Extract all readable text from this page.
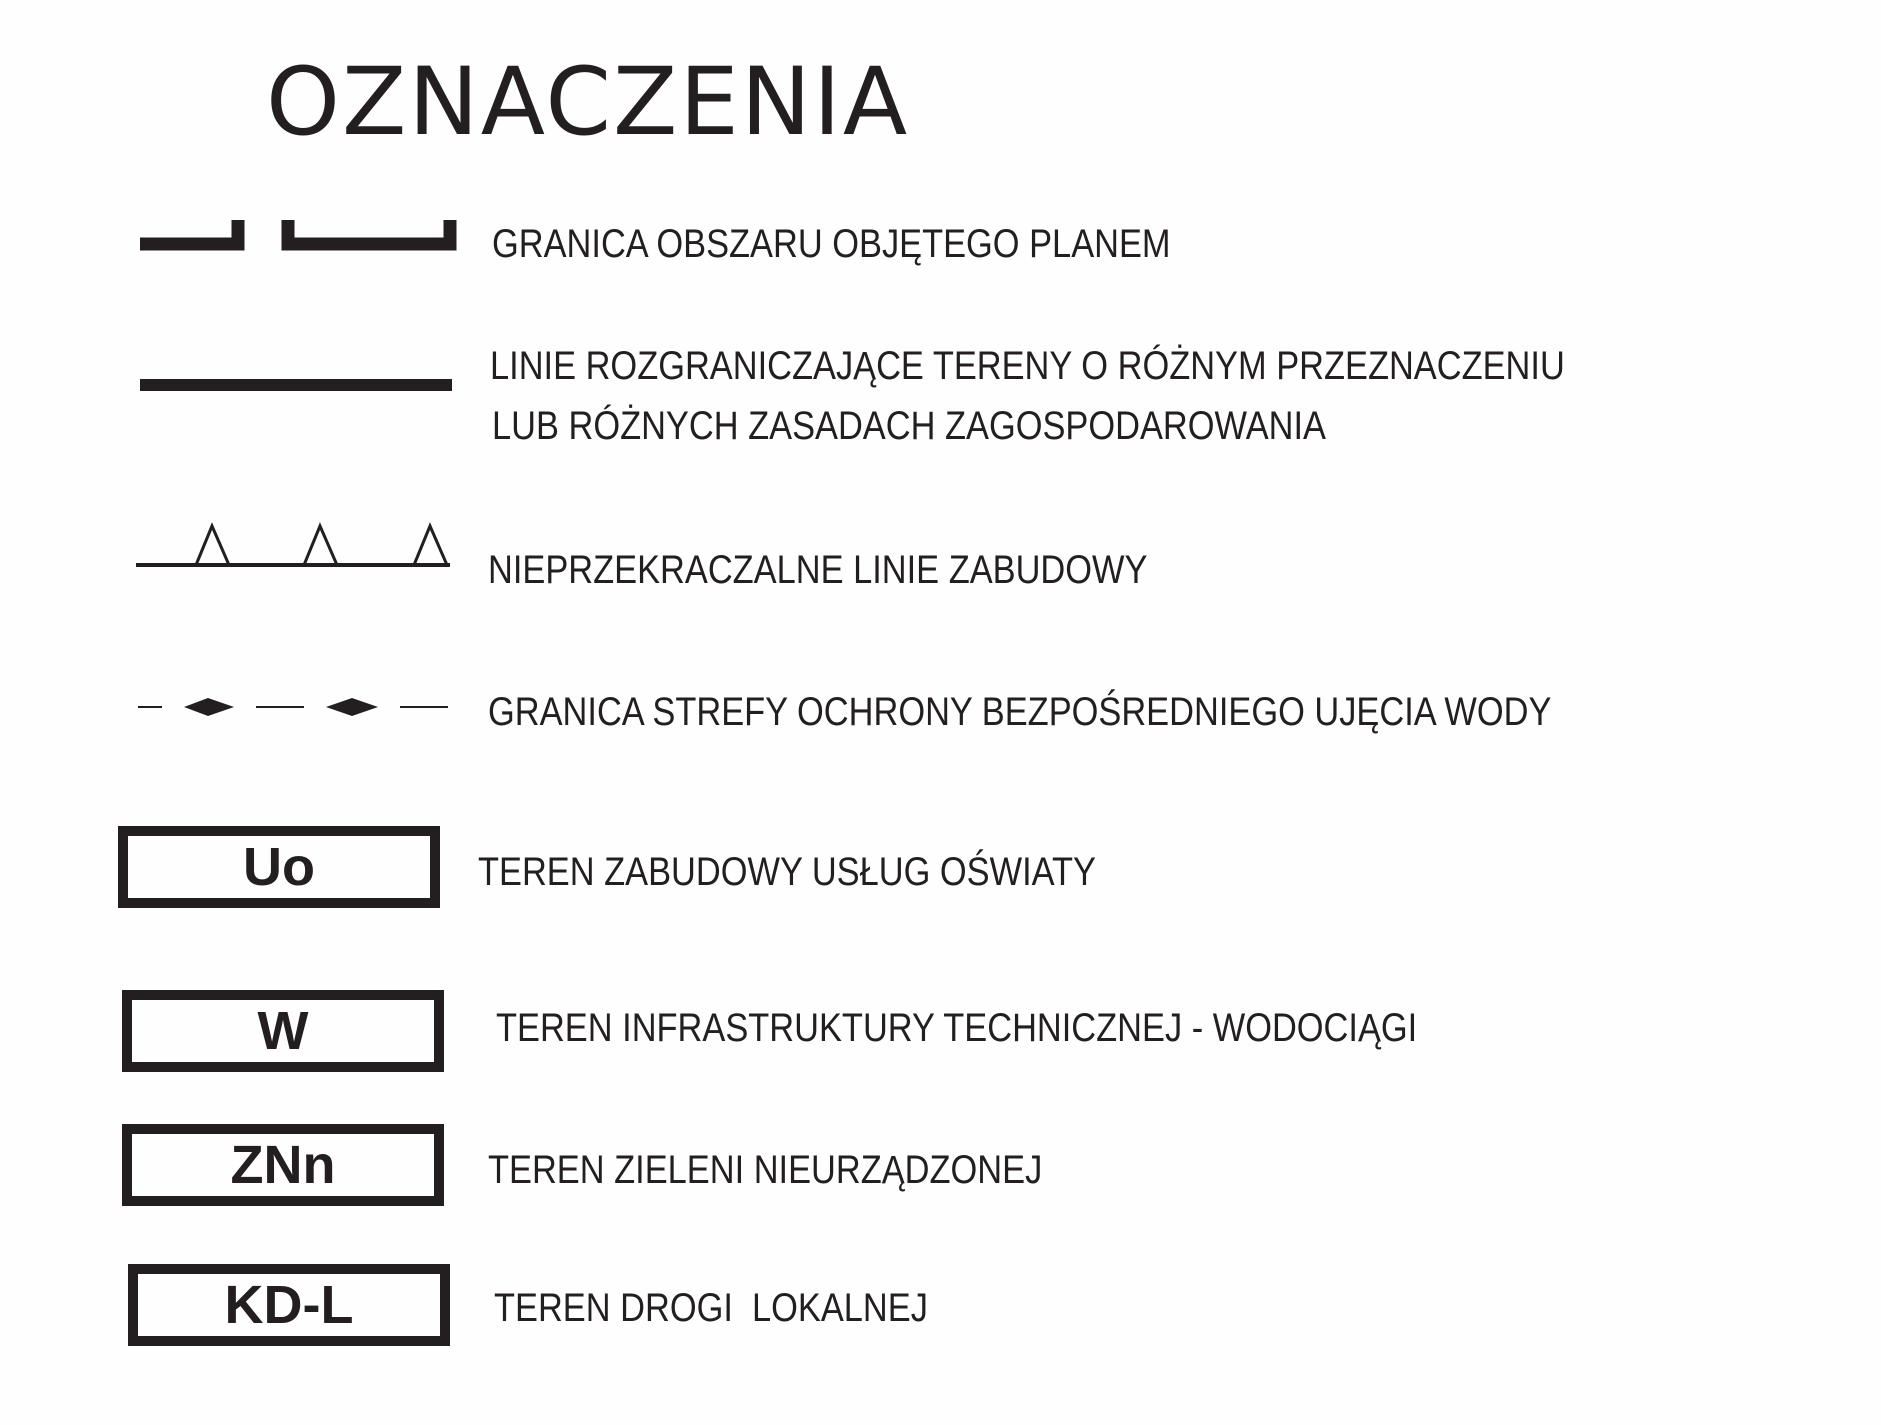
OZNACZENIA
GRANICA OBSZARU OBJĘTEGO PLANEM
LINIE ROZGRANICZAJĄCE TERENY O RÓŻNYM PRZEZNACZENIU
LUB RÓŻNYCH ZASADACH ZAGOSPODAROWANIA
NIEPRZEKRACZALNE LINIE ZABUDOWY
GRANICA STREFY OCHRONY BEZPOŚREDNIEGO UJĘCIA WODY
Uo	TEREN ZABUDOWY USŁUG OŚWIATY
W	TEREN INFRASTRUKTURY TECHNICZNEJ - WODOCIĄGI
ZNn	TEREN ZIELENI NIEURZĄDZONEJ
KD-L	TEREN DROGI  LOKALNEJ
